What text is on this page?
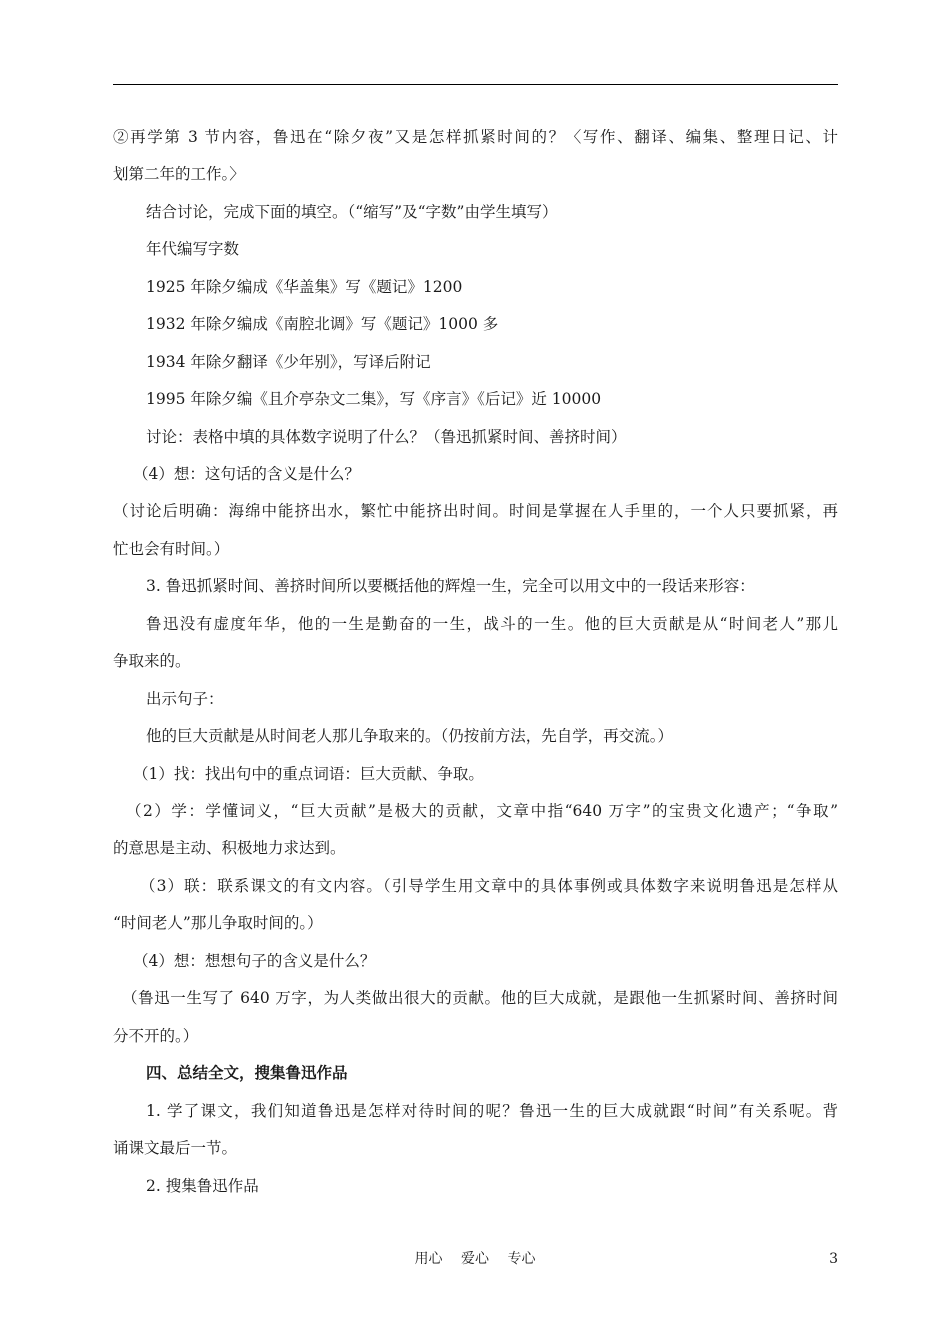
②再学第 3 节内容，鲁迅在“除夕夜”又是怎样抓紧时间的？〈写作、翻译、编集、整理日记、计
划第二年的工作。〉
结合讨论，完成下面的填空。（“缩写”及“字数”由学生填写）
年代编写字数
1925 年除夕编成《华盖集》写《题记》1200
1932 年除夕编成《南腔北调》写《题记》1000 多
1934 年除夕翻译《少年别》，写译后附记
1995 年除夕编《且介亭杂文二集》，写《序言》《后记》近 10000
讨论：表格中填的具体数字说明了什么？（鲁迅抓紧时间、善挤时间）
（4）想：这句话的含义是什么？
（讨论后明确：海绵中能挤出水，繁忙中能挤出时间。时间是掌握在人手里的，一个人只要抓紧，再
忙也会有时间。）
3. 鲁迅抓紧时间、善挤时间所以要概括他的辉煌一生，完全可以用文中的一段话来形容：
鲁迅没有虚度年华，他的一生是勤奋的一生，战斗的一生。他的巨大贡献是从“时间老人”那儿
争取来的。
出示句子：
他的巨大贡献是从时间老人那儿争取来的。（仍按前方法，先自学，再交流。）
（1）找：找出句中的重点词语：巨大贡献、争取。
（2）学：学懂词义，“巨大贡献”是极大的贡献，文章中指“640 万字”的宝贵文化遗产；“争取”
的意思是主动、积极地力求达到。
（3）联：联系课文的有文内容。（引导学生用文章中的具体事例或具体数字来说明鲁迅是怎样从
“时间老人”那儿争取时间的。）
（4）想：想想句子的含义是什么？
（鲁迅一生写了 640 万字，为人类做出很大的贡献。他的巨大成就，是跟他一生抓紧时间、善挤时间
分不开的。）
四、总结全文，搜集鲁迅作品
1. 学了课文，我们知道鲁迅是怎样对待时间的呢？鲁迅一生的巨大成就跟“时间”有关系呢。背
诵课文最后一节。
2. 搜集鲁迅作品
用心　 爱心　 专心	3
